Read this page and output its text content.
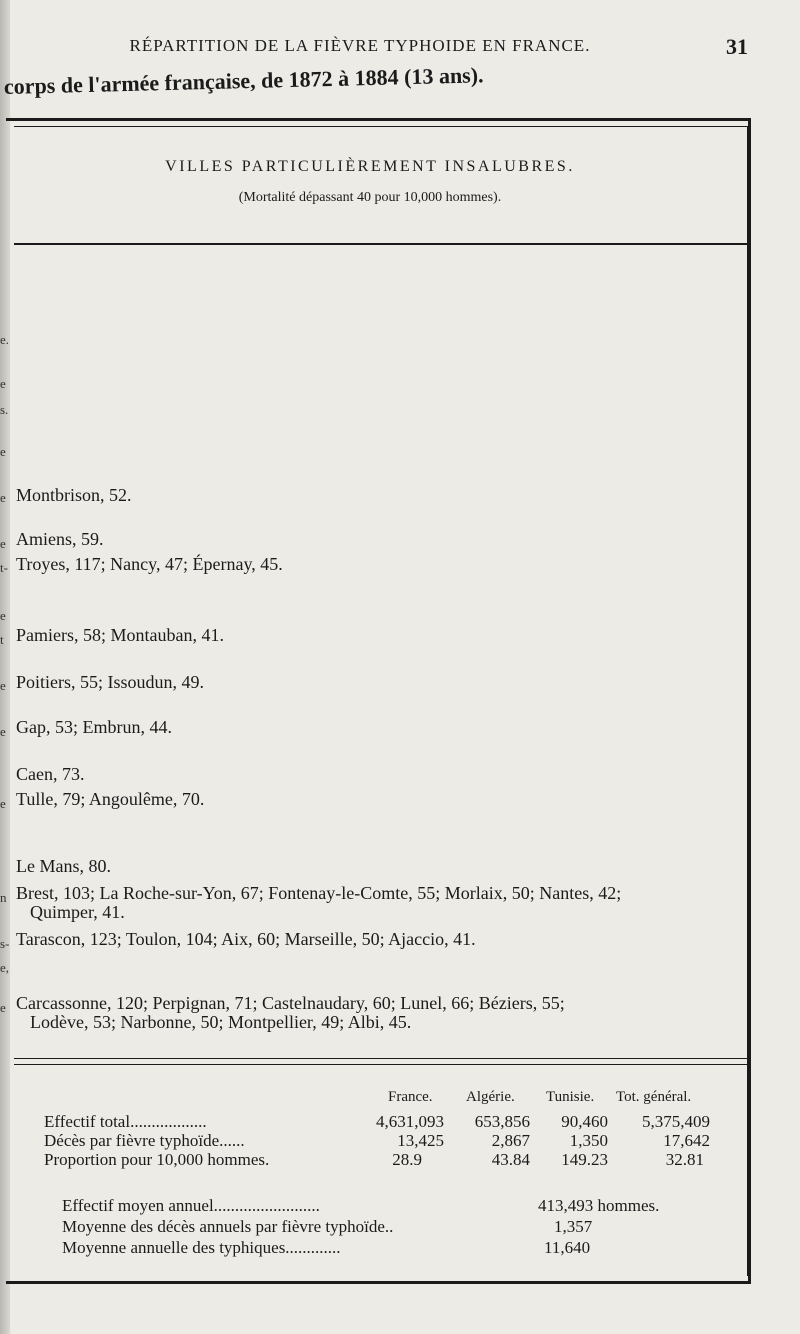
RÉPARTITION DE LA FIÈVRE TYPHOIDE EN FRANCE.	31
corps de l'armée française, de 1872 à 1884 (13 ans).
VILLES PARTICULIÈREMENT INSALUBRES.
(Mortalité dépassant 40 pour 10,000 hommes).
e.
e
s.
e
e
e
t-
e
t
e
e
e
n
s-
e,
e
Montbrison, 52.
Amiens, 59.
Troyes, 117; Nancy, 47; Épernay, 45.
Pamiers, 58; Montauban, 41.
Poitiers, 55; Issoudun, 49.
Gap, 53; Embrun, 44.
Caen, 73.
Tulle, 79; Angoulême, 70.
Le Mans, 80.
Brest, 103; La Roche-sur-Yon, 67; Fontenay-le-Comte, 55; Morlaix, 50; Nantes, 42;
Quimper, 41.
Tarascon, 123; Toulon, 104; Aix, 60; Marseille, 50; Ajaccio, 41.
Carcassonne, 120; Perpignan, 71; Castelnaudary, 60; Lunel, 66; Béziers, 55;
Lodève, 53; Narbonne, 50; Montpellier, 49; Albi, 45.
France. Algérie. Tunisie. Tot. général.
Effectif total..................	4,631,093	653,856	90,460	5,375,409
Décès par fièvre typhoïde......	13,425	2,867	1,350	17,642
Proportion pour 10,000 hommes.	28.9	43.84	149.23	32.81
Effectif moyen annuel.........................	413,493 hommes.
Moyenne des décès annuels par fièvre typhoïde..	1,357
Moyenne annuelle des typhiques.............	11,640
